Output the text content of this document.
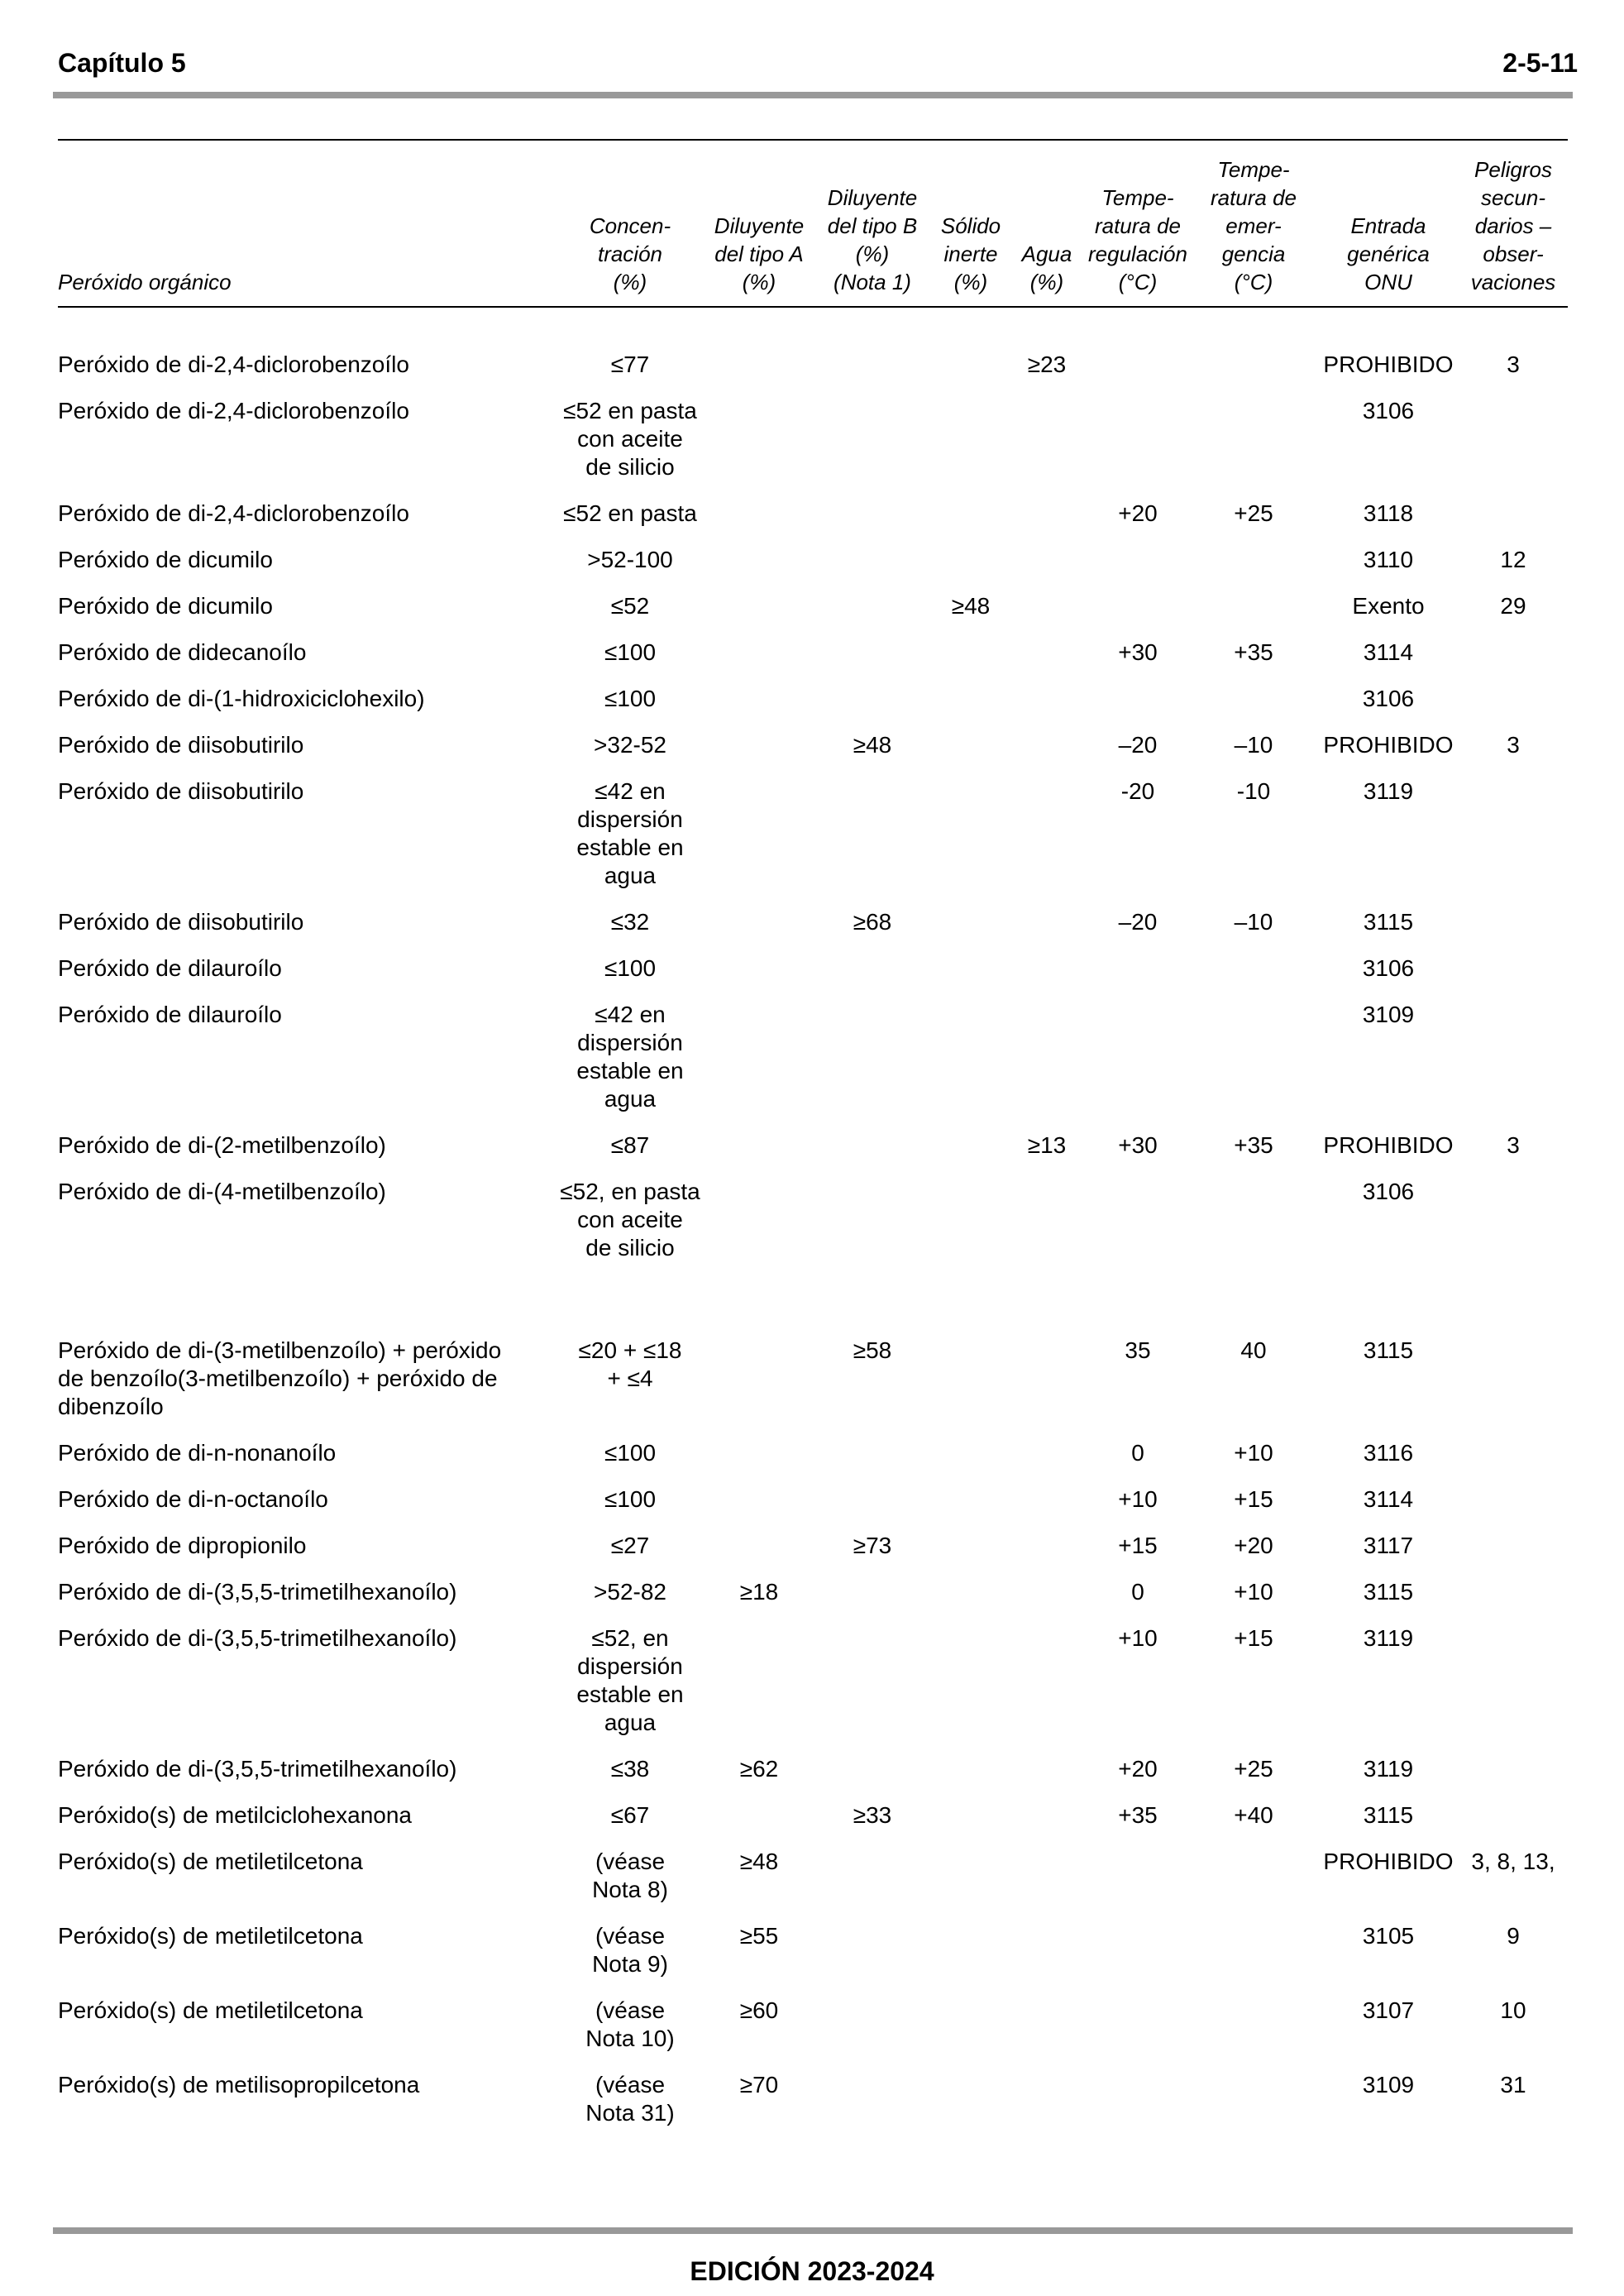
Capítulo 5	2-5-11
Peróxido orgánico	Concen-
tración
(%)	Diluyente
del tipo A
(%)	Diluyente
del tipo B
(%)
(Nota 1)	Sólido
inerte
(%)	Agua
(%)	Tempe-
ratura de
regulación
(°C)	Tempe-
ratura de
emer-
gencia
(°C)	Entrada
genérica
ONU	Peligros
secun-
darios –
obser-
vaciones
Peróxido de di-2,4-diclorobenzoílo	≤77				≥23			PROHIBIDO	3
Peróxido de di-2,4-diclorobenzoílo	≤52 en pasta
con aceite
de silicio							3106	
Peróxido de di-2,4-diclorobenzoílo	≤52 en pasta					+20	+25	3118	
Peróxido de dicumilo	>52-100							3110	12
Peróxido de dicumilo	≤52			≥48				Exento	29
Peróxido de didecanoílo	≤100					+30	+35	3114	
Peróxido de di-(1-hidroxiciclohexilo)	≤100							3106	
Peróxido de diisobutirilo	>32-52		≥48			–20	–10	PROHIBIDO	3
Peróxido de diisobutirilo	≤42 en
dispersión
estable en
agua					-20	-10	3119	
Peróxido de diisobutirilo	≤32		≥68			–20	–10	3115	
Peróxido de dilauroílo	≤100							3106	
Peróxido de dilauroílo	≤42 en
dispersión
estable en
agua							3109	
Peróxido de di-(2-metilbenzoílo)	≤87				≥13	+30	+35	PROHIBIDO	3
Peróxido de di-(4-metilbenzoílo)	≤52, en pasta
con aceite
de silicio							3106	
Peróxido de di-(3-metilbenzoílo) + peróxido
de benzoílo(3-metilbenzoílo) + peróxido de
dibenzoílo	≤20 + ≤18
+ ≤4		≥58			35	40	3115	
Peróxido de di-n-nonanoílo	≤100					0	+10	3116	
Peróxido de di-n-octanoílo	≤100					+10	+15	3114	
Peróxido de dipropionilo	≤27		≥73			+15	+20	3117	
Peróxido de di-(3,5,5-trimetilhexanoílo)	>52-82	≥18				0	+10	3115	
Peróxido de di-(3,5,5-trimetilhexanoílo)	≤52, en
dispersión
estable en
agua					+10	+15	3119	
Peróxido de di-(3,5,5-trimetilhexanoílo)	≤38	≥62				+20	+25	3119	
Peróxido(s) de metilciclohexanona	≤67		≥33			+35	+40	3115	
Peróxido(s) de metiletilcetona	(véase
Nota 8)	≥48						PROHIBIDO	3, 8, 13,
Peróxido(s) de metiletilcetona	(véase
Nota 9)	≥55						3105	9
Peróxido(s) de metiletilcetona	(véase
Nota 10)	≥60						3107	10
Peróxido(s) de metilisopropilcetona	(véase
Nota 31)	≥70						3109	31
EDICIÓN 2023-2024
